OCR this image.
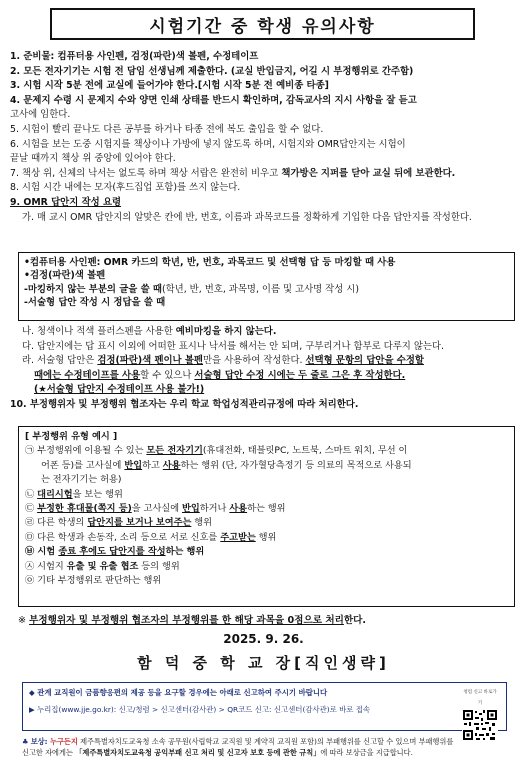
시험기간 중 학생 유의사항
1. 준비물: 컴퓨터용 사인펜, 검정(파란)색 볼펜, 수정테이프
2. 모든 전자기기는 시험 전 담임 선생님께 제출한다. (교실 반입금지, 어길 시 부정행위로 간주함)
3. 시험 시작 5분 전에 교실에 들어가야 한다.[시험 시작 5분 전 예비종 타종]
4. 문제지 수령 시 문제지 수와 양면 인쇄 상태를 반드시 확인하며, 감독교사의 지시 사항을 잘 듣고
고사에 임한다.
5. 시험이 빨리 끝나도 다른 공부를 하거나 타종 전에 복도 출입을 할 수 없다.
6. 시험을 보는 도중 시험지를 책상이나 가방에 넣지 않도록 하며, 시험지와 OMR답안지는 시험이
끝날 때까지 책상 위 중앙에 있어야 한다.
7. 책상 위, 신체의 낙서는 없도록 하며 책상 서랍은 완전히 비우고 책가방은 지퍼를 닫아 교실 뒤에 보관한다.
8. 시험 시간 내에는 모자(후드집업 포함)를 쓰지 않는다.
9. OMR 답안지 작성 요령
가. 매 교시 OMR 답안지의 알맞은 칸에 반, 번호, 이름과 과목코드를 정확하게 기입한 다음 답안지를 작성한다.
•컴퓨터용 사인펜: OMR 카드의 학년, 반, 번호, 과목코드 및 선택형 답 등 마킹할 때 사용
•검정(파란)색 볼펜
-마킹하지 않는 부분의 글을 쓸 때(학년, 반, 번호, 과목명, 이름 및 고사명 작성 시)
-서술형 답안 작성 시 정답을 쓸 때
나. 청색이나 적색 플러스펜을 사용한 예비마킹을 하지 않는다.
다. 답안지에는 답 표시 이외에 어떠한 표시나 낙서를 해서는 안 되며, 구부리거나 함부로 다루지 않는다.
라. 서술형 답안은 검정(파란)색 펜이나 볼펜만을 사용하여 작성한다. 선택형 문항의 답안을 수정할
때에는 수정테이프를 사용할 수 있으나 서술형 답안 수정 시에는 두 줄로 그은 후 작성한다.
(★서술형 답안지 수정테이프 사용 불가!)
10. 부정행위자 및 부정행위 협조자는 우리 학교 학업성적관리규정에 따라 처리한다.
[ 부정행위 유형 예시 ]
㉠ 부정행위에 이용될 수 있는 모든 전자기기(휴대전화, 태블릿PC, 노트북, 스마트 워치, 무선 이
어폰 등)를 고사실에 반입하고 사용하는 행위 (단, 자가혈당측정기 등 의료의 목적으로 사용되
는 전자기기는 허용)
㉡ 대리시험을 보는 행위
㉢ 부정한 휴대물(쪽지 등)을 고사실에 반입하거나 사용하는 행위
㉣ 다른 학생의 답안지를 보거나 보여주는 행위
㉤ 다른 학생과 손동작, 소리 등으로 서로 신호를 주고받는 행위
㉥ 시험 종료 후에도 답안지를 작성하는 행위
㉦ 시험지 유출 및 유출 협조 등의 행위
㉧ 기타 부정행위로 판단하는 행위
※ 부정행위자 및 부정행위 협조자의 부정행위를 한 해당 과목을 0점으로 처리한다.
2025. 9. 26.
함 덕 중 학 교 장[직인생략]
◆ 관계 교직원이 금품향응편의 제공 등을 요구할 경우에는 아래로 신고하여 주시기 바랍니다
▶ 누리집(www.jje.go.kr): 신고/청렴 > 신고센터(감사관) > QR코드 신고: 신고센터(감사관)로 바로 접속
청렴 신고 바로가기
♣ 보상: 누구든지 제주특별자치도교육청 소속 공무원(사립학교 교직원 및 계약직 교직원 포함)의 부패행위를 신고할 수 있으며 부패행위를
신고한 자에게는 「제주특별자치도교육청 공익부패 신고 처리 및 신고자 보호 등에 관한 규칙」에 따라 보상금을 지급합니다.
